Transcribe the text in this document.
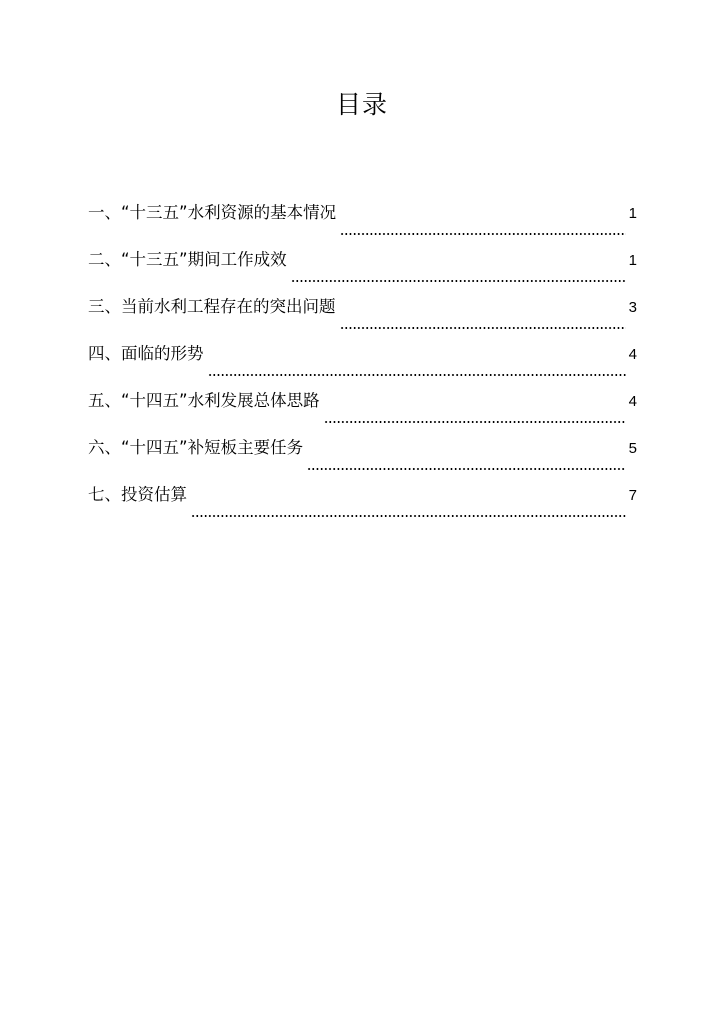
目录
一、“十三五”水利资源的基本情况	1
二、“十三五”期间工作成效	1
三、当前水利工程存在的突出问题	3
四、面临的形势	4
五、“十四五”水利发展总体思路	4
六、“十四五”补短板主要任务	5
七、投资估算	7
